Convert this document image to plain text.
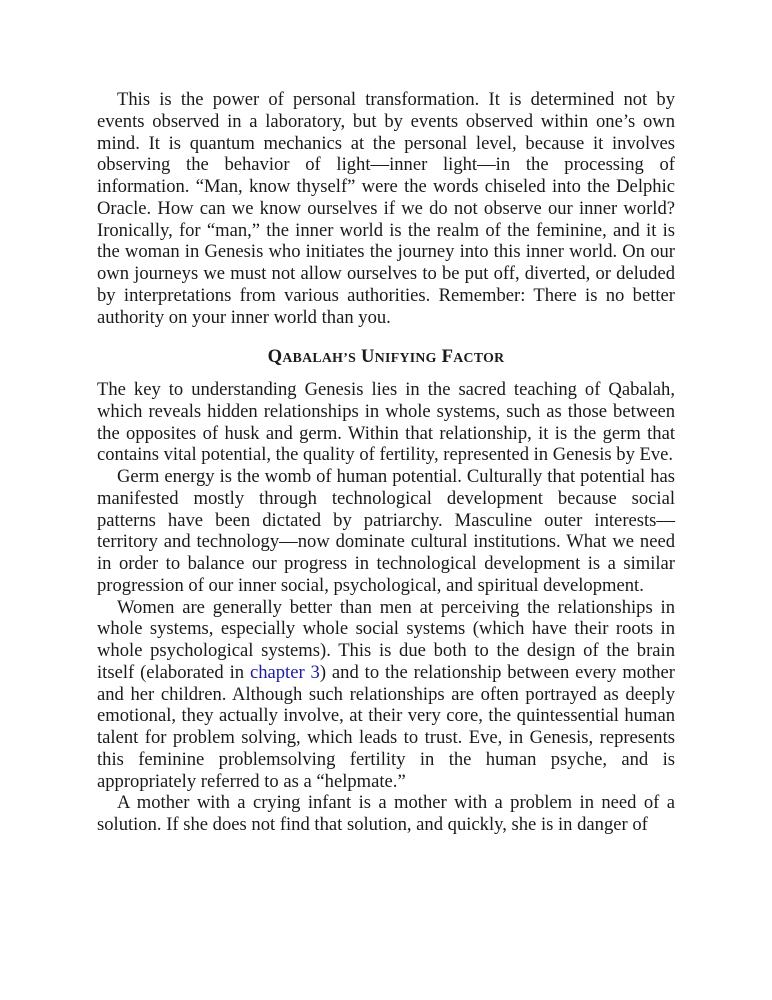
This is the power of personal transformation. It is determined not by events observed in a laboratory, but by events observed within one’s own mind. It is quantum mechanics at the personal level, because it involves observing the behavior of light—inner light—in the processing of information. “Man, know thyself” were the words chiseled into the Delphic Oracle. How can we know ourselves if we do not observe our inner world? Ironically, for “man,” the inner world is the realm of the feminine, and it is the woman in Genesis who initiates the journey into this inner world. On our own journeys we must not allow ourselves to be put off, diverted, or deluded by interpretations from various authorities. Remember: There is no better authority on your inner world than you.

QABALAH’S UNIFYING FACTOR

The key to understanding Genesis lies in the sacred teaching of Qabalah, which reveals hidden relationships in whole systems, such as those between the opposites of husk and germ. Within that relationship, it is the germ that contains vital potential, the quality of fertility, represented in Genesis by Eve.

Germ energy is the womb of human potential. Culturally that potential has manifested mostly through technological development because social patterns have been dictated by patriarchy. Masculine outer interests—territory and technology—now dominate cultural institutions. What we need in order to balance our progress in technological development is a similar progression of our inner social, psychological, and spiritual development.

Women are generally better than men at perceiving the relationships in whole systems, especially whole social systems (which have their roots in whole psychological systems). This is due both to the design of the brain itself (elaborated in chapter 3) and to the relationship between every mother and her children. Although such relationships are often portrayed as deeply emotional, they actually involve, at their very core, the quintessential human talent for problem solving, which leads to trust. Eve, in Genesis, represents this feminine problemsolving fertility in the human psyche, and is appropriately referred to as a “helpmate.”

A mother with a crying infant is a mother with a problem in need of a solution. If she does not find that solution, and quickly, she is in danger of
